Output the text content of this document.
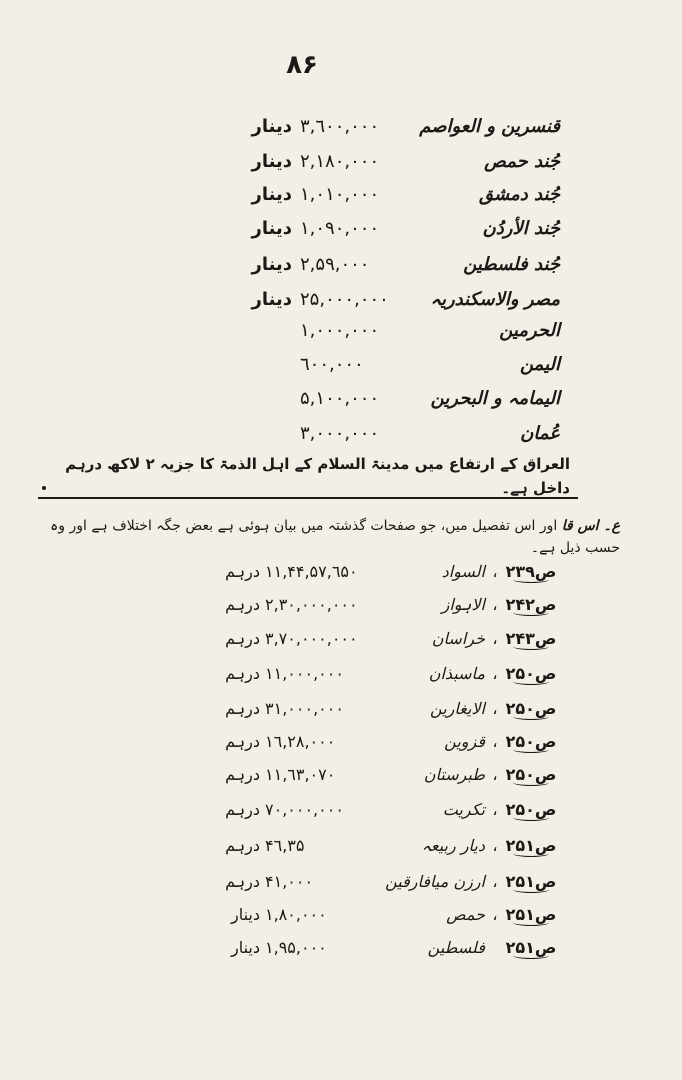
۸۶
دینار ۳,٦٠٠,٠٠٠	قنسرین و العواصم
دینار ۲,۱۸٠,٠٠٠	جُند حمص
دینار ۱,٠۱٠,٠٠٠	جُند دمشق
دینار ۱,٠٩٠,٠٠٠	جُند الأردُن
دینار ۲,۵٩,٠٠٠	جُند فلسطین
دینار ۲۵,٠٠٠,٠٠٠	مصر والاسکندریہ
۱,٠٠٠,٠٠٠	الحرمین
٦٠٠,٠٠٠	الیمن
۵,۱٠٠,٠٠٠	الیمامہ و البحرین
٣,٠٠٠,٠٠٠	عُمان
العراق کے ارتفاع میں مدینۃ السلام کے اہل الذمۃ کا جزیہ ۲ لاکھ درہم داخل ہے۔
ع۔ اس قا اور اس تفصیل میں، جو صفحات گذشتہ میں بیان ہوئی ہے بعض جگہ اختلاف ہے اور وہ حسب ذیل ہے۔
درہم ۱۱,۴۴,۵۷,٦۵٠	السواد ، ص۲۳۹
درہم ۲,٣٠,٠٠٠,٠٠٠	الاہواز ، ص۲۴۲
درہم ٣,٧٠,٠٠٠,٠٠٠	خراسان ، ص۲۴٣
درہم ۱۱,٠٠٠,٠٠٠	ماسبذان ، ص۲۵٠
درہم ٣۱,٠٠٠,٠٠٠	الایغارین ، ص۲۵٠
درہم ۱٦,۲۸,٠٠٠	قزوین ، ص۲۵٠
درہم ۱۱,٦٣,٠٧٠	طبرستان ، ص۲۵٠
درہم ٧٠,٠٠٠,٠٠٠	تکریت ، ص۲۵٠
درہم ۴٦,٣۵	دیار ربیعہ ، ص۲۵۱
درہم ۴۱,٠٠٠	ارزن میافارقین ، ص۲۵۱
دینار ۱,۸٠,٠٠٠	حمص ، ص۲۵۱
دینار ۱,٩۵,٠٠٠	فلسطین ص۲۵۱
